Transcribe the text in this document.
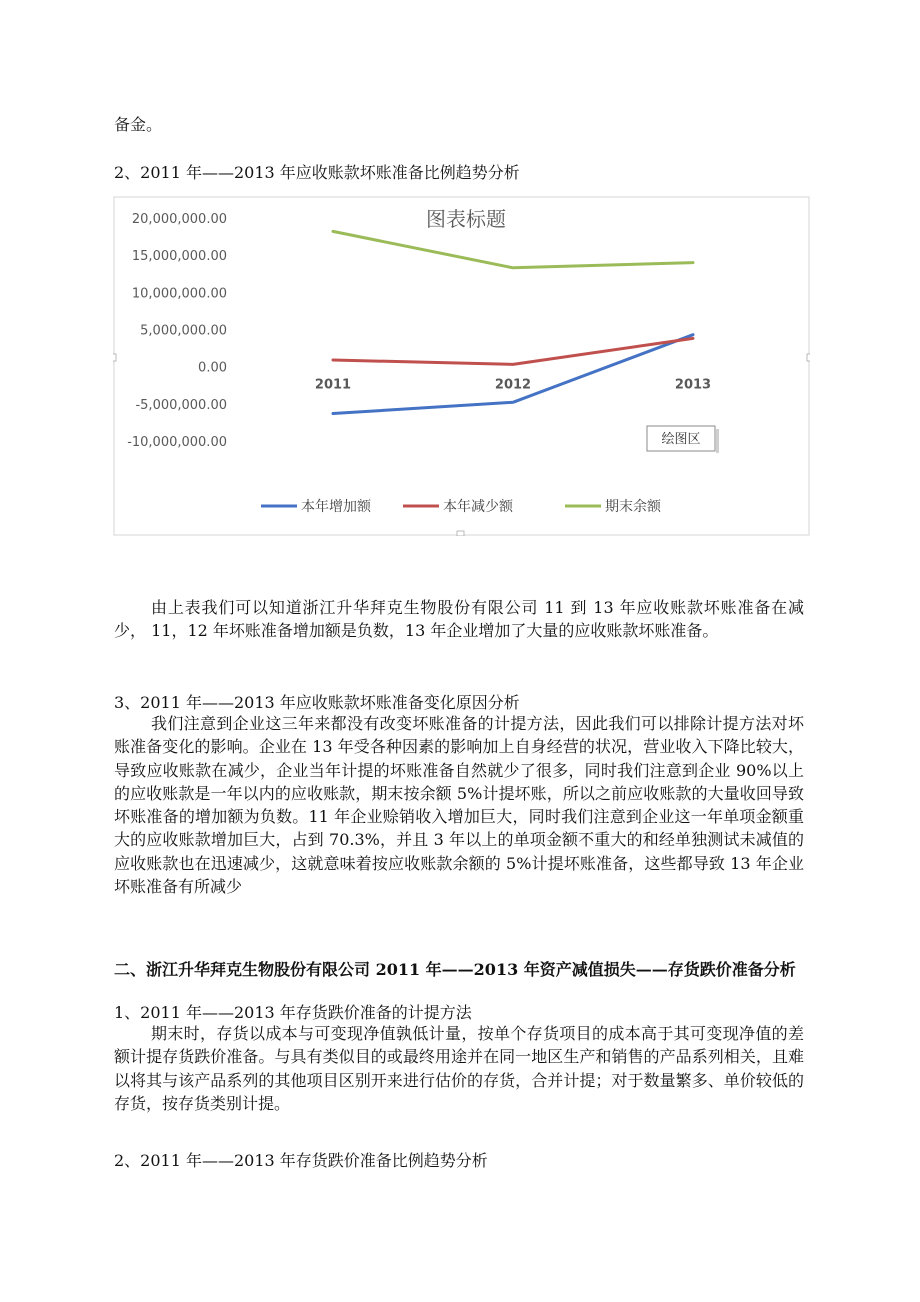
备金。
2、2011 年——2013 年应收账款坏账准备比例趋势分析
图表标题
20,000,000.00
15,000,000.00
10,000,000.00
5,000,000.00
0.00
-5,000,000.00
-10,000,000.00
2011	2012	2013
绘图区
本年增加额	本年减少额	期末余额
由上表我们可以知道浙江升华拜克生物股份有限公司 11 到 13 年应收账款坏账准备在减少， 11，12 年坏账准备增加额是负数，13 年企业增加了大量的应收账款坏账准备。
3、2011 年——2013 年应收账款坏账准备变化原因分析
我们注意到企业这三年来都没有改变坏账准备的计提方法，因此我们可以排除计提方法对坏账准备变化的影响。企业在 13 年受各种因素的影响加上自身经营的状况，营业收入下降比较大，导致应收账款在减少，企业当年计提的坏账准备自然就少了很多，同时我们注意到企业 90%以上的应收账款是一年以内的应收账款，期末按余额 5%计提坏账，所以之前应收账款的大量收回导致坏账准备的增加额为负数。11 年企业赊销收入增加巨大，同时我们注意到企业这一年单项金额重大的应收账款增加巨大，占到 70.3%，并且 3 年以上的单项金额不重大的和经单独测试未减值的应收账款也在迅速减少，这就意味着按应收账款余额的 5%计提坏账准备，这些都导致 13 年企业坏账准备有所减少
二、浙江升华拜克生物股份有限公司 2011 年——2013 年资产减值损失——存货跌价准备分析
1、2011 年——2013 年存货跌价准备的计提方法
期末时，存货以成本与可变现净值孰低计量，按单个存货项目的成本高于其可变现净值的差额计提存货跌价准备。与具有类似目的或最终用途并在同一地区生产和销售的产品系列相关，且难以将其与该产品系列的其他项目区别开来进行估价的存货，合并计提；对于数量繁多、单价较低的存货，按存货类别计提。
2、2011 年——2013 年存货跌价准备比例趋势分析
